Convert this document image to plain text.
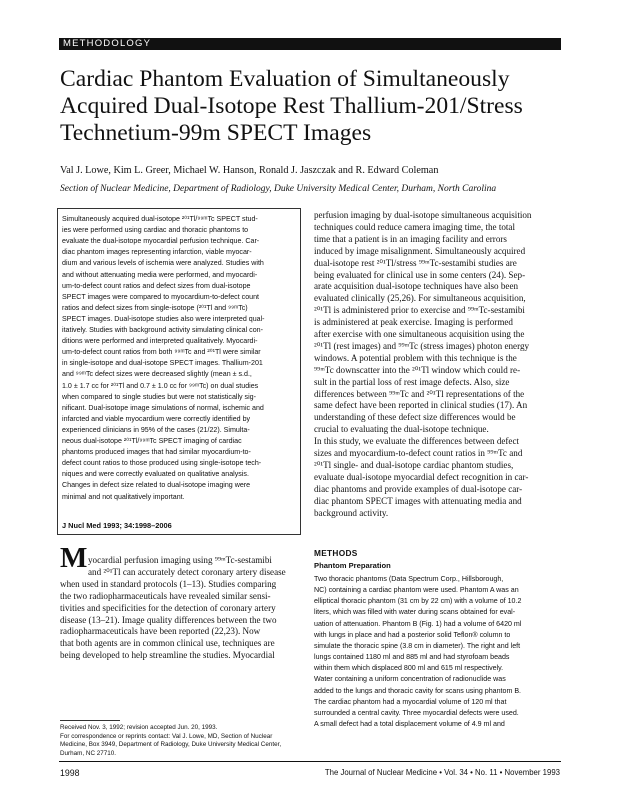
METHODOLOGY
Cardiac Phantom Evaluation of Simultaneously
Acquired Dual-Isotope Rest Thallium-201/Stress
Technetium-99m SPECT Images
Val J. Lowe, Kim L. Greer, Michael W. Hanson, Ronald J. Jaszczak and R. Edward Coleman
Section of Nuclear Medicine, Department of Radiology, Duke University Medical Center, Durham, North Carolina
Simultaneously acquired dual-isotope ²⁰¹Tl/⁹⁹ᵐTc SPECT stud-
ies were performed using cardiac and thoracic phantoms to
evaluate the dual-isotope myocardial perfusion technique. Car-
diac phantom images representing infarction, viable myocar-
dium and various levels of ischemia were analyzed. Studies with
and without attenuating media were performed, and myocardi-
um-to-defect count ratios and defect sizes from dual-isotope
SPECT images were compared to myocardium-to-defect count
ratios and defect sizes from single-isotope (²⁰¹Tl and ⁹⁹ᵐTc)
SPECT images. Dual-isotope studies also were interpreted qual-
itatively. Studies with background activity simulating clinical con-
ditions were performed and interpreted qualitatively. Myocardi-
um-to-defect count ratios from both ⁹⁹ᵐTc and ²⁰¹Tl were similar
in single-isotope and dual-isotope SPECT images. Thallium-201
and ⁹⁹ᵐTc defect sizes were decreased slightly (mean ± s.d.,
1.0 ± 1.7 cc for ²⁰¹Tl and 0.7 ± 1.0 cc for ⁹⁹ᵐTc) on dual studies
when compared to single studies but were not statistically sig-
nificant. Dual-isotope image simulations of normal, ischemic and
infarcted and viable myocardium were correctly identified by
experienced clinicians in 95% of the cases (21/22). Simulta-
neous dual-isotope ²⁰¹Tl/⁹⁹ᵐTc SPECT imaging of cardiac
phantoms produced images that had similar myocardium-to-
defect count ratios to those produced using single-isotope tech-
niques and were correctly evaluated on qualitative analysis.
Changes in defect size related to dual-isotope imaging were
minimal and not qualitatively important.
J Nucl Med 1993; 34:1998–2006
M yocardial perfusion imaging using ⁹⁹ᵐTc-sestamibi
and ²⁰¹Tl can accurately detect coronary artery disease
when used in standard protocols (1–13). Studies comparing
the two radiopharmaceuticals have revealed similar sensi-
tivities and specificities for the detection of coronary artery
disease (13–21). Image quality differences between the two
radiopharmaceuticals have been reported (22,23). Now
that both agents are in common clinical use, techniques are
being developed to help streamline the studies. Myocardial
Received Nov. 3, 1992; revision accepted Jun. 20, 1993.
For correspondence or reprints contact: Val J. Lowe, MD, Section of Nuclear
Medicine, Box 3949, Department of Radiology, Duke University Medical Center,
Durham, NC 27710.
perfusion imaging by dual-isotope simultaneous acquisition
techniques could reduce camera imaging time, the total
time that a patient is in an imaging facility and errors
induced by image misalignment. Simultaneously acquired
dual-isotope rest ²⁰¹Tl/stress ⁹⁹ᵐTc-sestamibi studies are
being evaluated for clinical use in some centers (24). Sep-
arate acquisition dual-isotope techniques have also been
evaluated clinically (25,26). For simultaneous acquisition,
²⁰¹Tl is administered prior to exercise and ⁹⁹ᵐTc-sestamibi
is administered at peak exercise. Imaging is performed
after exercise with one simultaneous acquisition using the
²⁰¹Tl (rest images) and ⁹⁹ᵐTc (stress images) photon energy
windows. A potential problem with this technique is the
⁹⁹ᵐTc downscatter into the ²⁰¹Tl window which could re-
sult in the partial loss of rest image defects. Also, size
differences between ⁹⁹ᵐTc and ²⁰¹Tl representations of the
same defect have been reported in clinical studies (17). An
understanding of these defect size differences would be
crucial to evaluating the dual-isotope technique.
In this study, we evaluate the differences between defect
sizes and myocardium-to-defect count ratios in ⁹⁹ᵐTc and
²⁰¹Tl single- and dual-isotope cardiac phantom studies,
evaluate dual-isotope myocardial defect recognition in car-
diac phantoms and provide examples of dual-isotope car-
diac phantom SPECT images with attenuating media and
background activity.
METHODS
Phantom Preparation
Two thoracic phantoms (Data Spectrum Corp., Hillsborough,
NC) containing a cardiac phantom were used. Phantom A was an
elliptical thoracic phantom (31 cm by 22 cm) with a volume of 10.2
liters, which was filled with water during scans obtained for eval-
uation of attenuation. Phantom B (Fig. 1) had a volume of 6420 ml
with lungs in place and had a posterior solid Teflon® column to
simulate the thoracic spine (3.8 cm in diameter). The right and left
lungs contained 1180 ml and 885 ml and had styrofoam beads
within them which displaced 800 ml and 615 ml respectively.
Water containing a uniform concentration of radionuclide was
added to the lungs and thoracic cavity for scans using phantom B.
The cardiac phantom had a myocardial volume of 120 ml that
surrounded a central cavity. Three myocardial defects were used.
A small defect had a total displacement volume of 4.9 ml and
1998	The Journal of Nuclear Medicine • Vol. 34 • No. 11 • November 1993
